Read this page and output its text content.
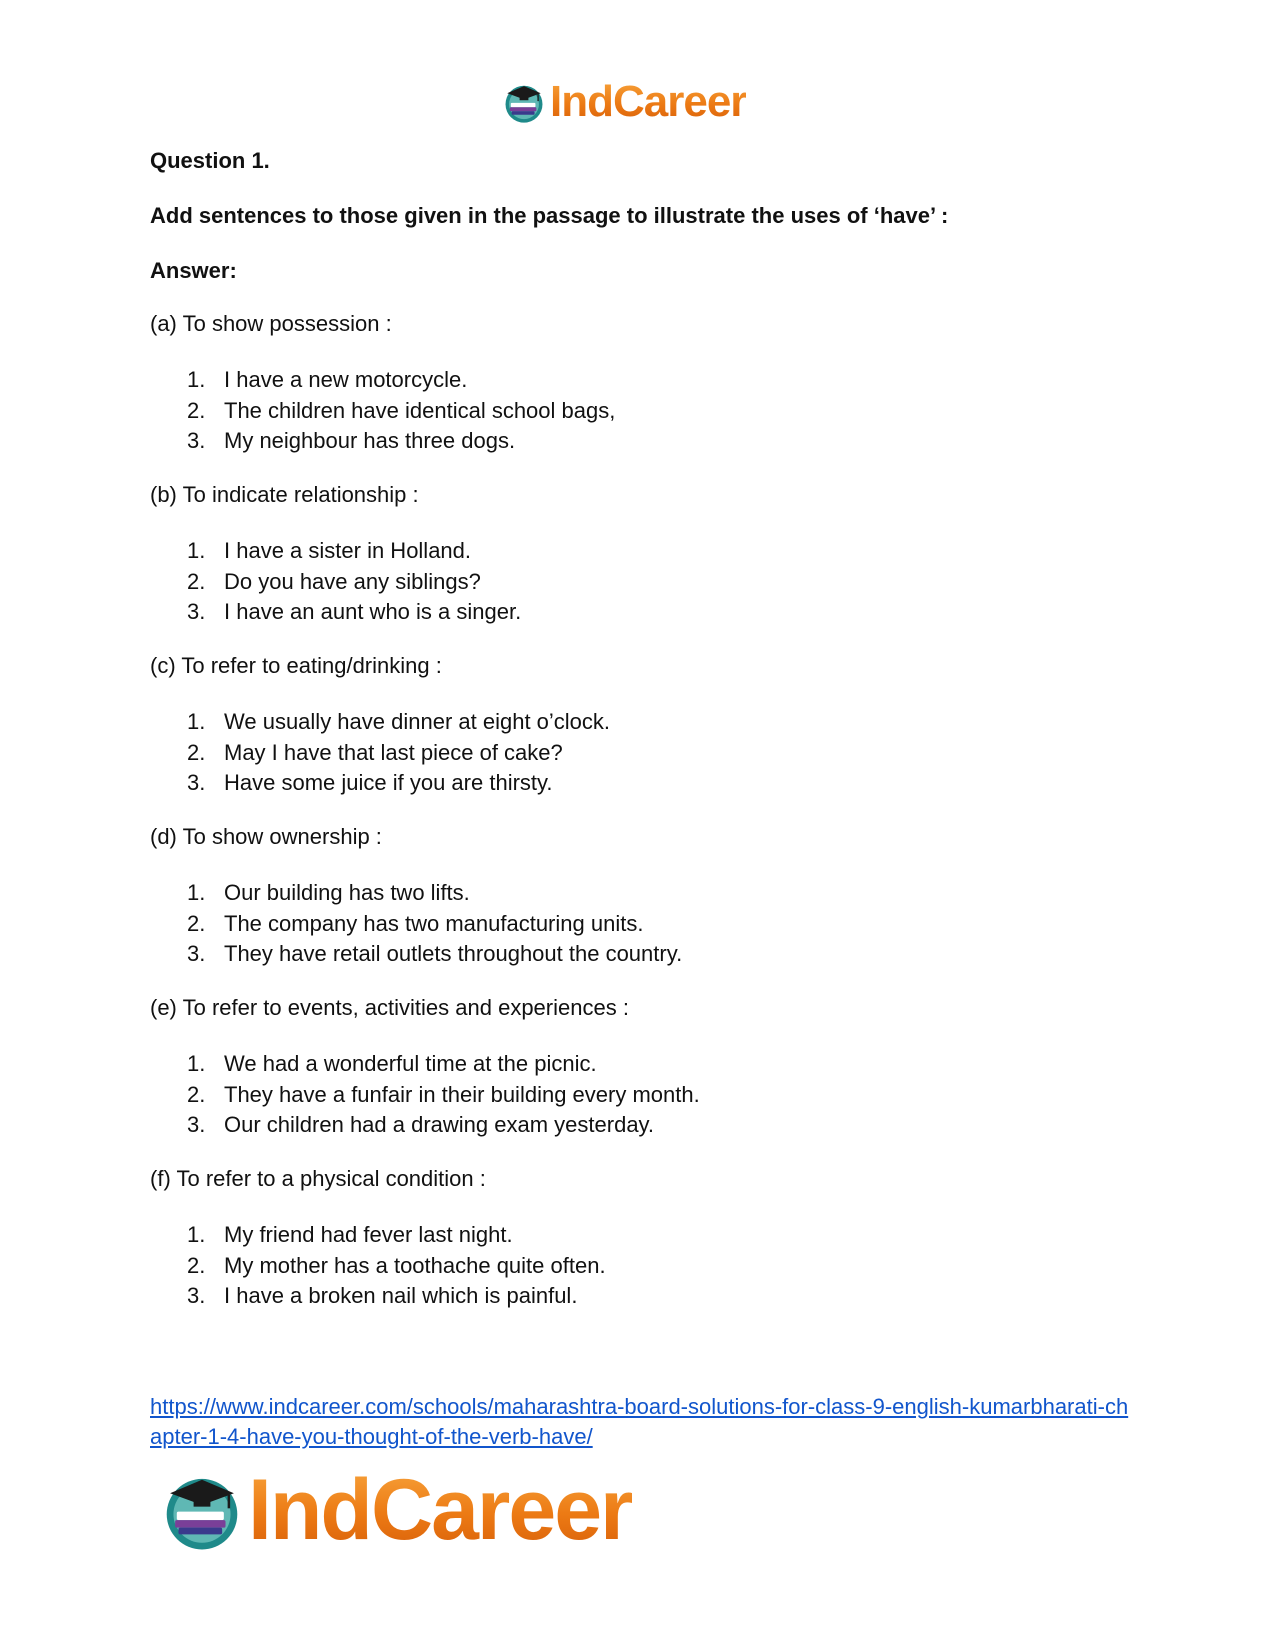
IndCareer

Question 1.

Add sentences to those given in the passage to illustrate the uses of ‘have’ :

Answer:

(a) To show possession :

1. I have a new motorcycle.
2. The children have identical school bags,
3. My neighbour has three dogs.

(b) To indicate relationship :

1. I have a sister in Holland.
2. Do you have any siblings?
3. I have an aunt who is a singer.

(c) To refer to eating/drinking :

1. We usually have dinner at eight o’clock.
2. May I have that last piece of cake?
3. Have some juice if you are thirsty.

(d) To show ownership :

1. Our building has two lifts.
2. The company has two manufacturing units.
3. They have retail outlets throughout the country.

(e) To refer to events, activities and experiences :

1. We had a wonderful time at the picnic.
2. They have a funfair in their building every month.
3. Our children had a drawing exam yesterday.

(f) To refer to a physical condition :

1. My friend had fever last night.
2. My mother has a toothache quite often.
3. I have a broken nail which is painful.
https://www.indcareer.com/schools/maharashtra-board-solutions-for-class-9-english-kumarbharati-chapter-1-4-have-you-thought-of-the-verb-have/
IndCareer
